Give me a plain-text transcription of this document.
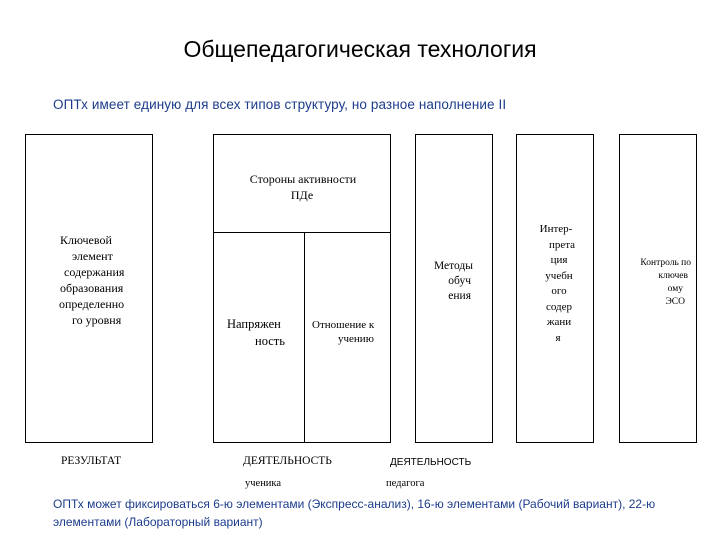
Общепедагогическая технология
ОПТх имеет единую для всех типов структуру, но разное наполнение II
Ключевой
элемент
содержания
образования
определенно
го уровня
Стороны активности
ПДе
Напряжен
ность
Отношение к
учению
Методы
обуч
ения
Интер-
прета
ция
учебн
ого
содер
жани
я
Контроль по
ключев
ому
ЭСО
РЕЗУЛЬТАТ	ДЕЯТЕЛЬНОСТЬ
ученика
ДЕЯТЕЛЬНОСТЬ
педагога
ОПТх может фиксироваться 6-ю элементами (Экспресс-анализ), 16-ю элементами (Рабочий вариант), 22-ю элементами (Лабораторный вариант)
